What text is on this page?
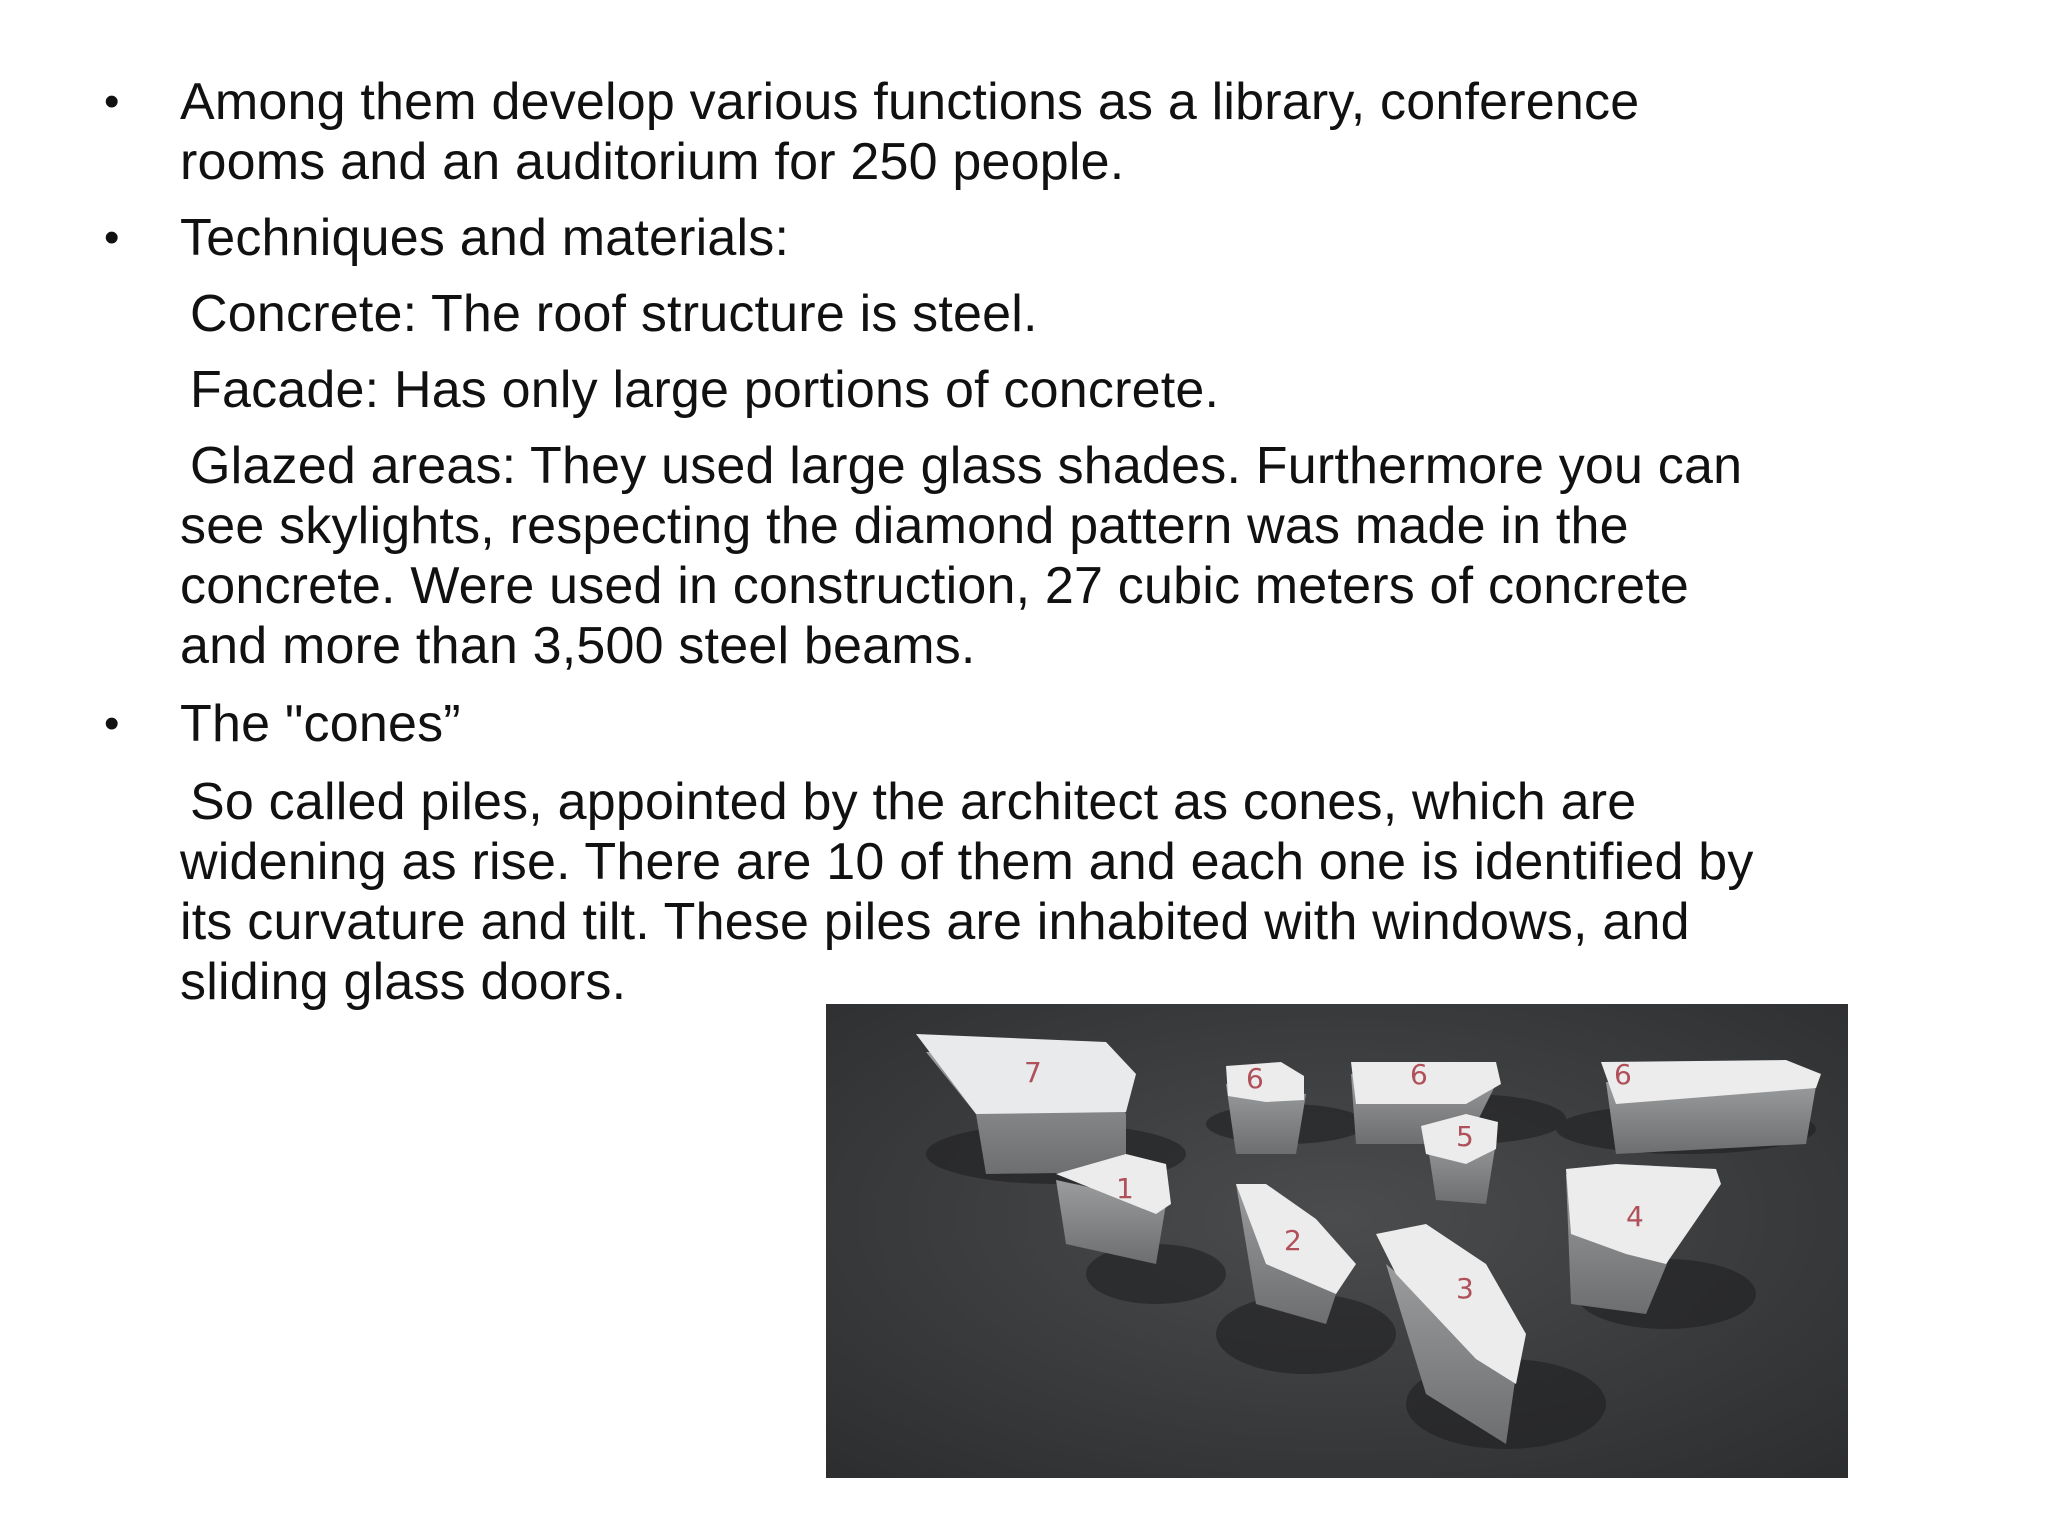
• Among them develop various functions as a library, conference
rooms and an auditorium for 250 people.
• Techniques and materials:
Concrete: The roof structure is steel.
Facade: Has only large portions of concrete.
Glazed areas: They used large glass shades. Furthermore you can
see skylights, respecting the diamond pattern was made in the
concrete. Were used in construction, 27 cubic meters of concrete
and more than 3,500 steel beams.
• The "cones”
So called piles, appointed by the architect as cones, which are
widening as rise. There are 10 of them and each one is identified by
its curvature and tilt. These piles are inhabited with windows, and
sliding glass doors.
7	6	6	6
5
1
2
3
4
